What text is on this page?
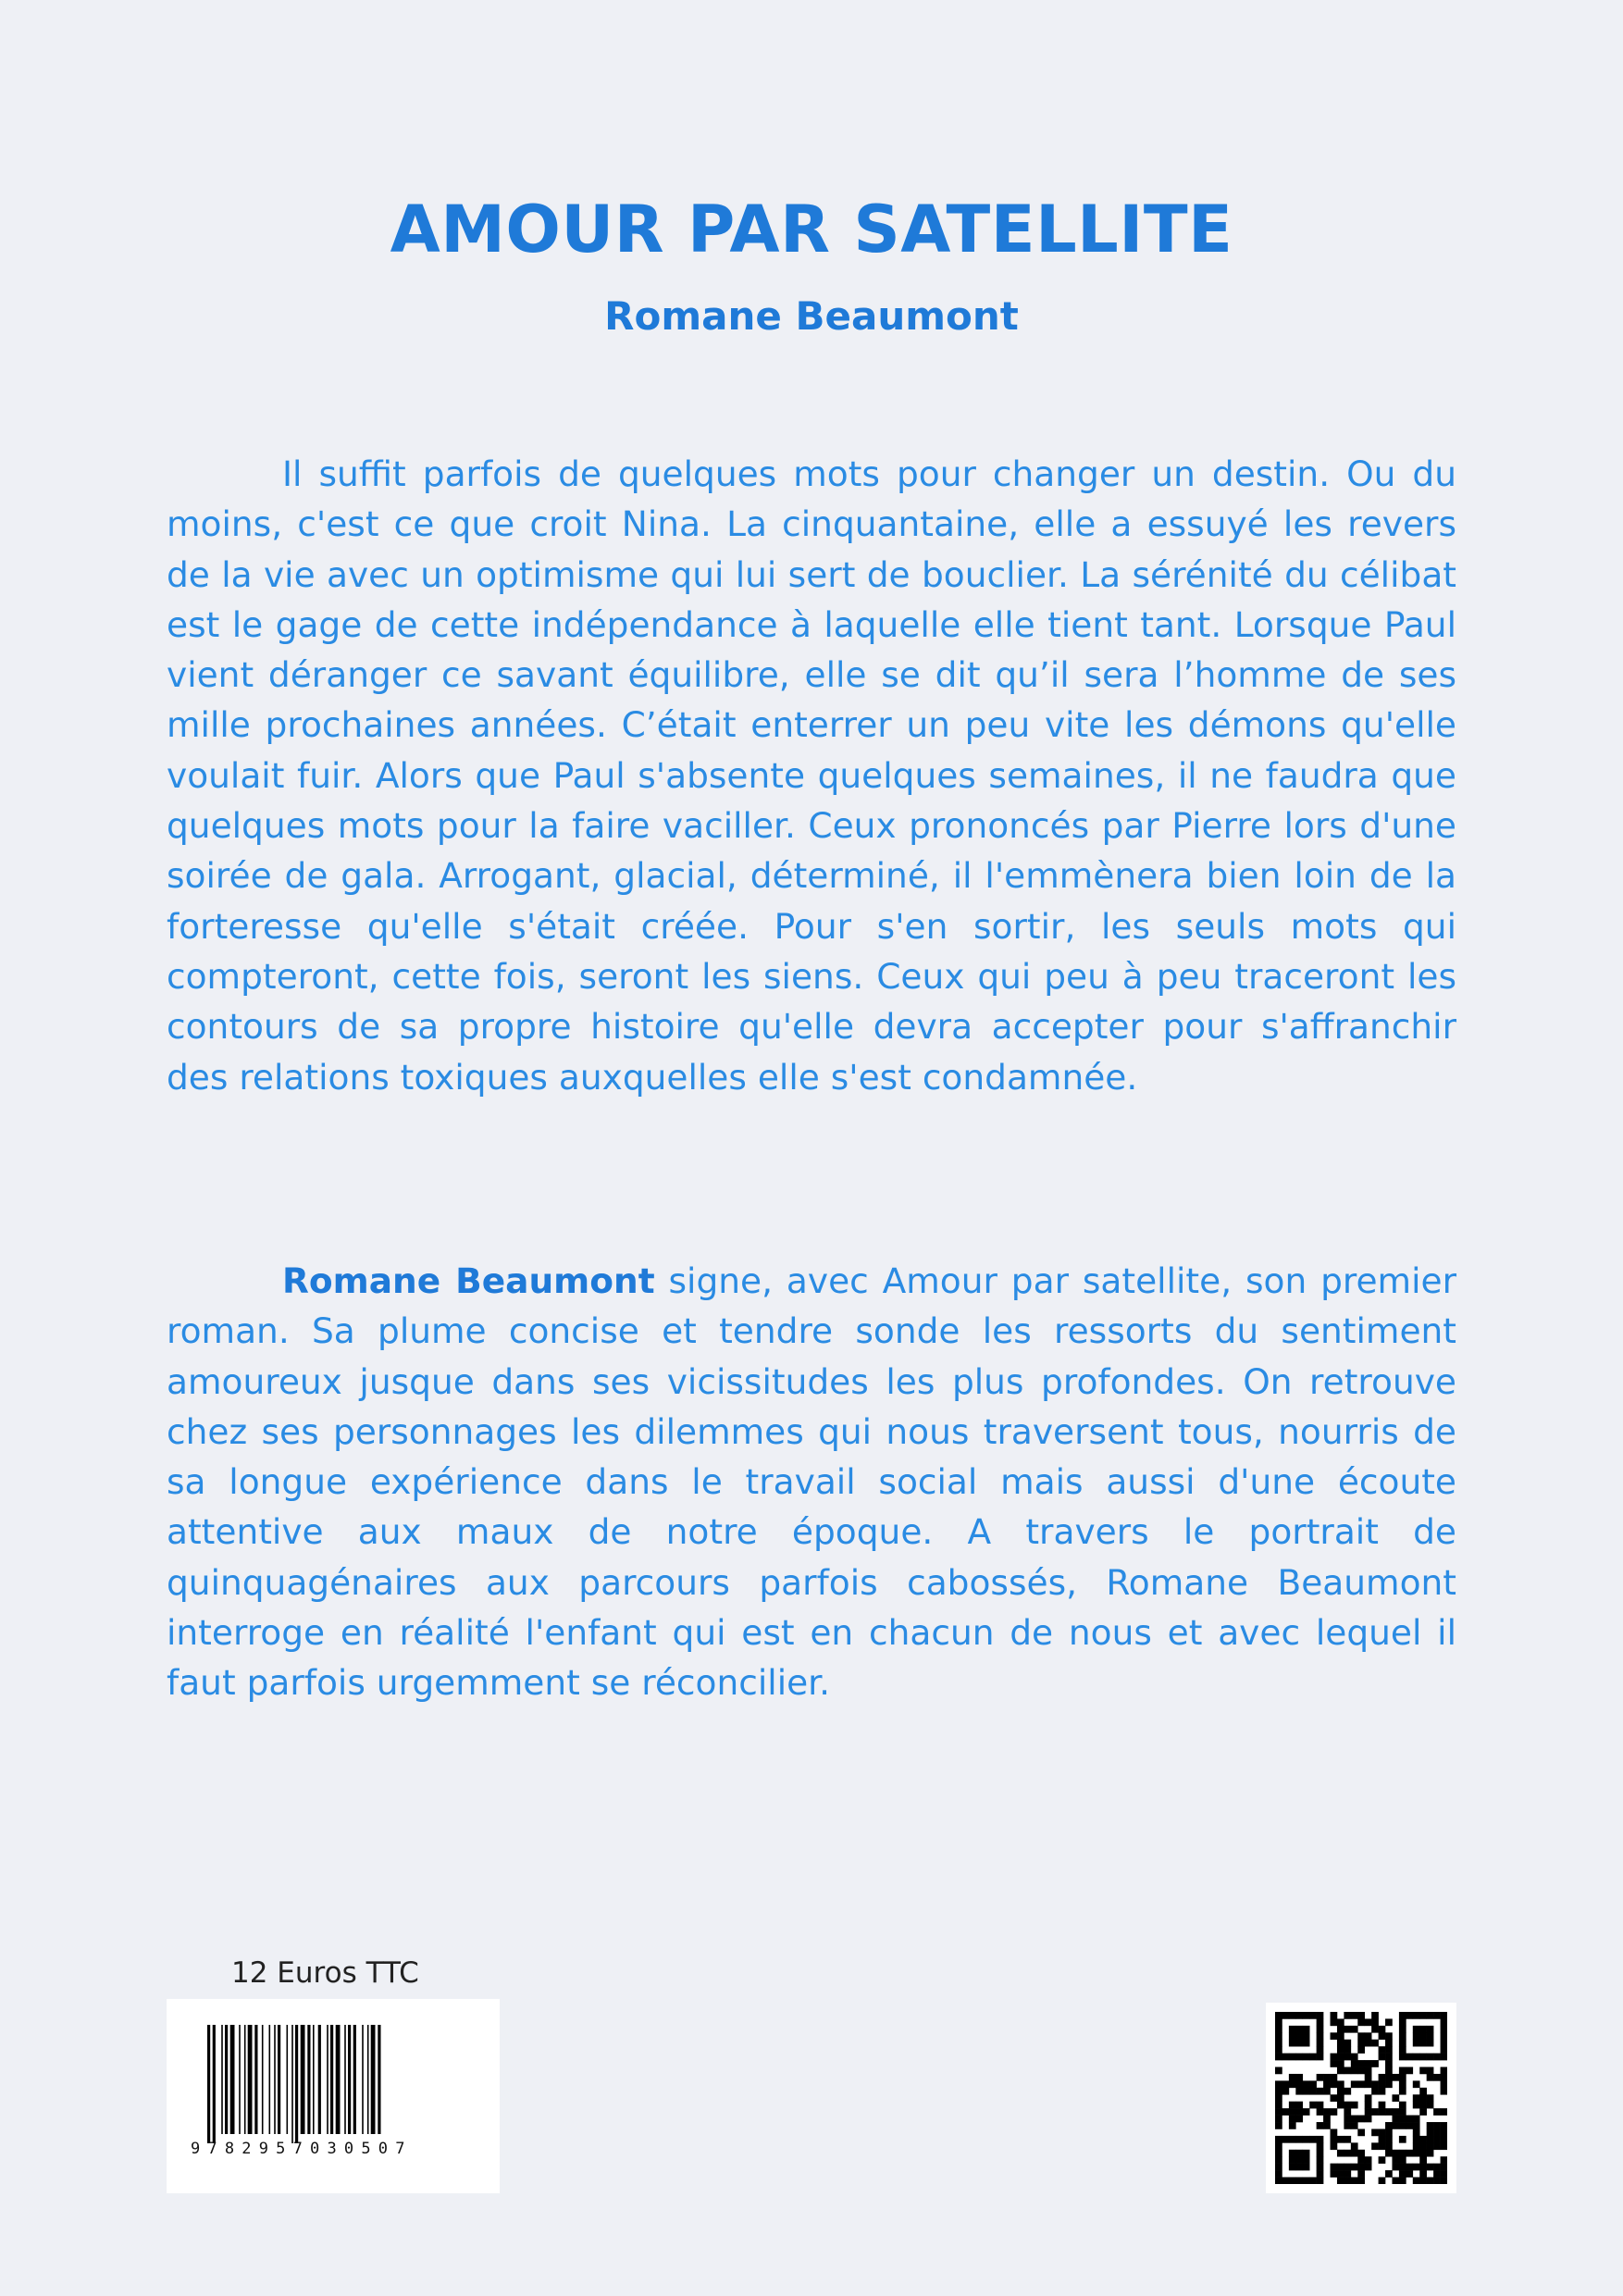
AMOUR PAR SATELLITE
Romane Beaumont

Il suffit parfois de quelques mots pour changer un destin. Ou du moins, c'est ce que croit Nina. La cinquantaine, elle a essuyé les revers de la vie avec un optimisme qui lui sert de bouclier. La sérénité du célibat est le gage de cette indépendance à laquelle elle tient tant. Lorsque Paul vient déranger ce savant équilibre, elle se dit qu’il sera l’homme de ses mille prochaines années. C’était enterrer un peu vite les démons qu'elle voulait fuir. Alors que Paul s'absente quelques semaines, il ne faudra que quelques mots pour la faire vaciller. Ceux prononcés par Pierre lors d'une soirée de gala. Arrogant, glacial, déterminé, il l'emmènera bien loin de la forteresse qu'elle s'était créée. Pour s'en sortir, les seuls mots qui compteront, cette fois, seront les siens. Ceux qui peu à peu traceront les contours de sa propre histoire qu'elle devra accepter pour s'affranchir des relations toxiques auxquelles elle s'est condamnée.

Romane Beaumont signe, avec Amour par satellite, son premier roman. Sa plume concise et tendre sonde les ressorts du sentiment amoureux jusque dans ses vicissitudes les plus profondes. On retrouve chez ses personnages les dilemmes qui nous traversent tous, nourris de sa longue expérience dans le travail social mais aussi d'une écoute attentive aux maux de notre époque. A travers le portrait de quinquagénaires aux parcours parfois cabossés, Romane Beaumont interroge en réalité l'enfant qui est en chacun de nous et avec lequel il faut parfois urgemment se réconcilier.

12 Euros TTC
9782957030507
